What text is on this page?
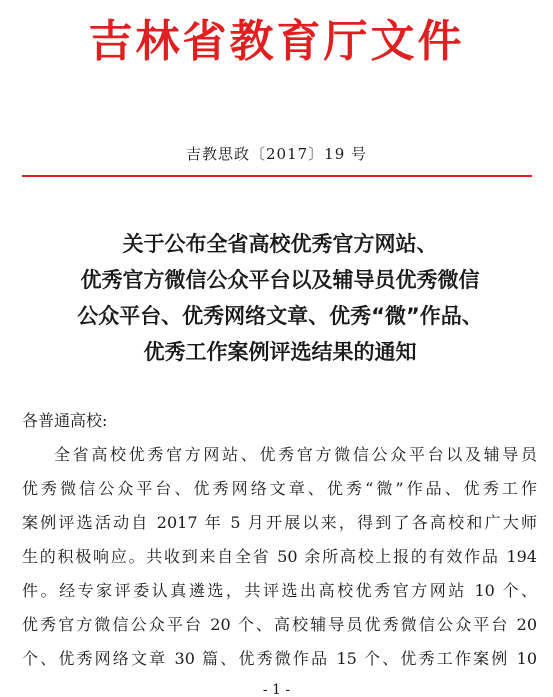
吉林省教育厅文件
吉教思政〔2017〕19 号
关于公布全省高校优秀官方网站、
优秀官方微信公众平台以及辅导员优秀微信
公众平台、优秀网络文章、优秀“微”作品、
优秀工作案例评选结果的通知
各普通高校:
全省高校优秀官方网站、优秀官方微信公众平台以及辅导员
优秀微信公众平台、优秀网络文章、优秀“微”作品、优秀工作
案例评选活动自 2017 年 5 月开展以来，得到了各高校和广大师
生的积极响应。共收到来自全省 50 余所高校上报的有效作品 194
件。经专家评委认真遴选，共评选出高校优秀官方网站 10 个、
优秀官方微信公众平台 20 个、高校辅导员优秀微信公众平台 20
个、优秀网络文章 30 篇、优秀微作品 15 个、优秀工作案例 10
- 1 -
